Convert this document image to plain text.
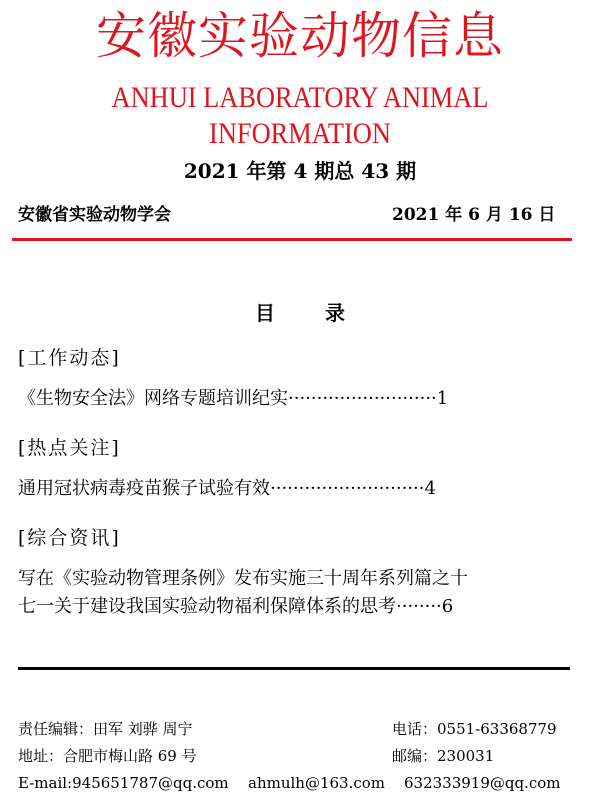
安徽实验动物信息
ANHUI LABORATORY ANIMAL INFORMATION
2021 年第 4 期总 43 期
安徽省实验动物学会	2021 年 6 月 16 日
目	录
[工作动态]
《生物安全法》网络专题培训纪实··························1
[热点关注]
通用冠状病毒疫苗猴子试验有效···························4
[综合资讯]
写在《实验动物管理条例》发布实施三十周年系列篇之十
七一关于建设我国实验动物福利保障体系的思考········6
责任编辑：田军 刘骅 周宁	电话：0551-63368779
地址：合肥市梅山路 69 号	邮编：230031
E-mail:945651787@qq.com ahmulh@163.com 632333919@qq.com
